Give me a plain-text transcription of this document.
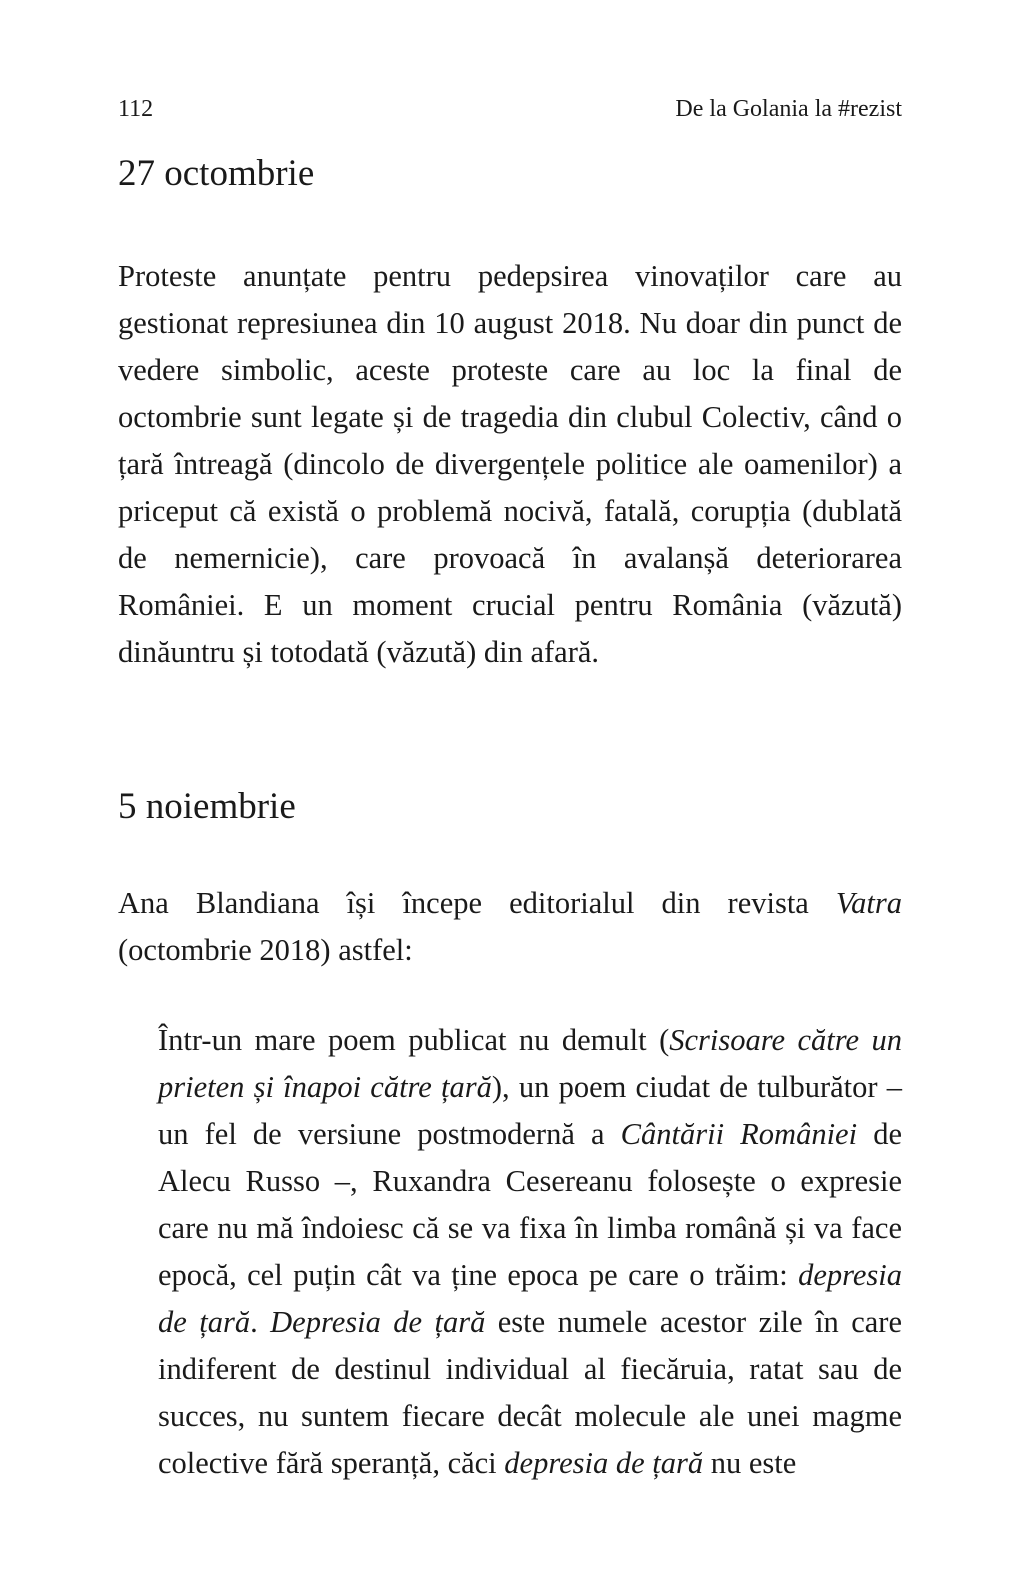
112	De la Golania la #rezist
27 octombrie

Proteste anunțate pentru pedepsirea vinovaților care au gestionat represiunea din 10 august 2018. Nu doar din punct de vedere simbolic, aceste proteste care au loc la final de octombrie sunt legate și de tragedia din clubul Colectiv, când o țară întreagă (dincolo de divergențele politice ale oamenilor) a priceput că există o problemă nocivă, fatală, corupția (dublată de nemernicie), care provoacă în avalanșă deteriorarea României. E un moment crucial pentru România (văzută) dinăuntru și totodată (văzută) din afară.

5 noiembrie

Ana Blandiana își începe editorialul din revista Vatra (octombrie 2018) astfel:

Într-un mare poem publicat nu demult (Scrisoare către un prieten și înapoi către țară), un poem ciudat de tulburător – un fel de versiune postmodernă a Cântării României de Alecu Russo –, Ruxandra Cesereanu folosește o expresie care nu mă îndoiesc că se va fixa în limba română și va face epocă, cel puțin cât va ține epoca pe care o trăim: depresia de țară. Depresia de țară este numele acestor zile în care indiferent de destinul individual al fiecăruia, ratat sau de succes, nu suntem fiecare decât molecule ale unei magme colective fără speranță, căci depresia de țară nu este
